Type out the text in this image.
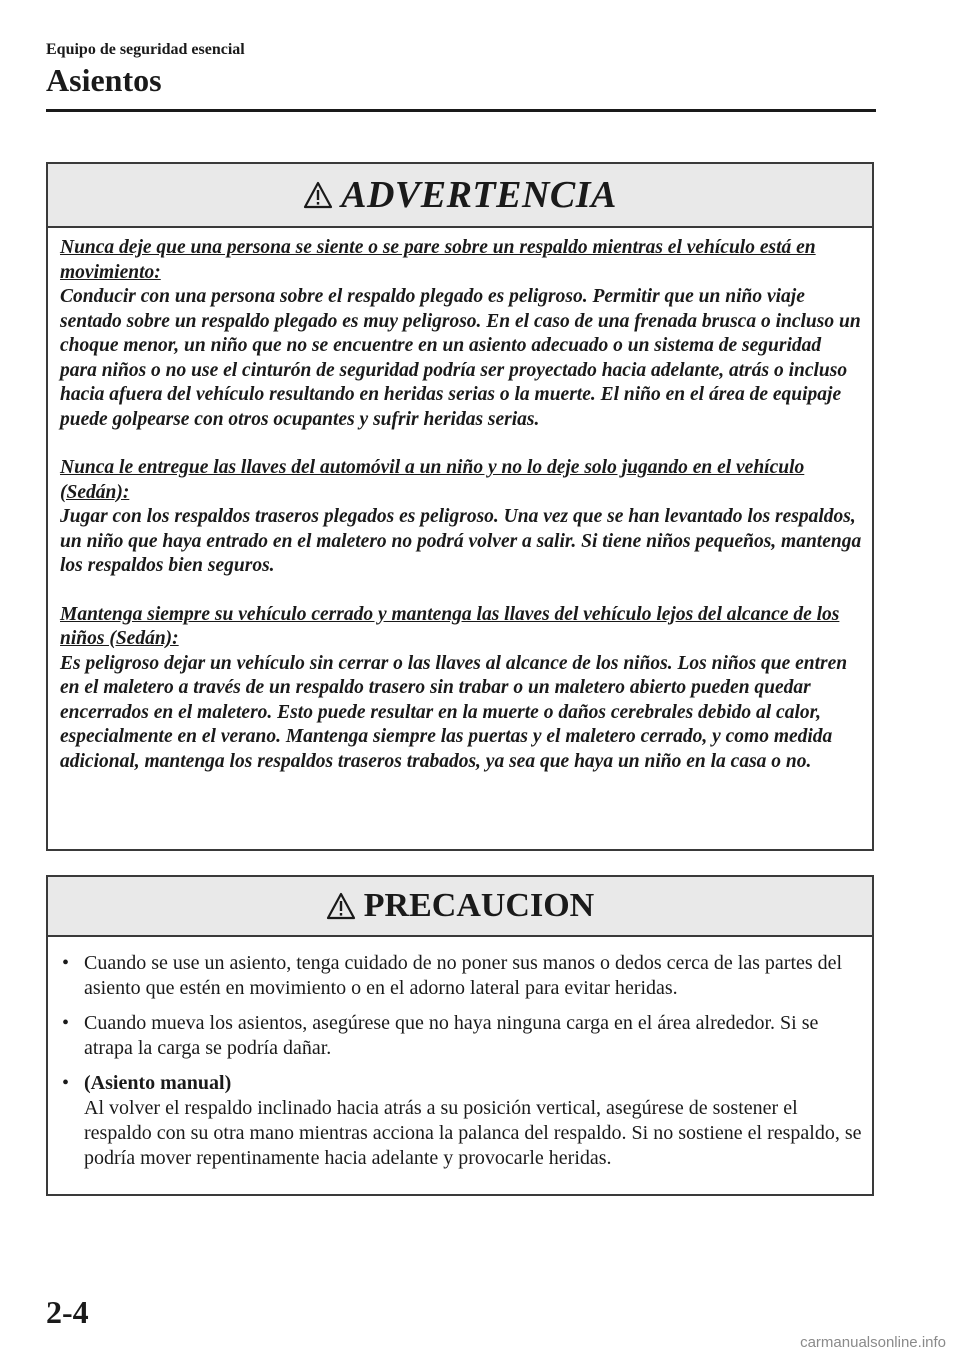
Equipo de seguridad esencial
Asientos
ADVERTENCIA

Nunca deje que una persona se siente o se pare sobre un respaldo mientras el vehículo está en movimiento:
Conducir con una persona sobre el respaldo plegado es peligroso. Permitir que un niño viaje sentado sobre un respaldo plegado es muy peligroso. En el caso de una frenada brusca o incluso un choque menor, un niño que no se encuentre en un asiento adecuado o un sistema de seguridad para niños o no use el cinturón de seguridad podría ser proyectado hacia adelante, atrás o incluso hacia afuera del vehículo resultando en heridas serias o la muerte. El niño en el área de equipaje puede golpearse con otros ocupantes y sufrir heridas serias.

Nunca le entregue las llaves del automóvil a un niño y no lo deje solo jugando en el vehículo (Sedán):
Jugar con los respaldos traseros plegados es peligroso. Una vez que se han levantado los respaldos, un niño que haya entrado en el maletero no podrá volver a salir. Si tiene niños pequeños, mantenga los respaldos bien seguros.

Mantenga siempre su vehículo cerrado y mantenga las llaves del vehículo lejos del alcance de los niños (Sedán):
Es peligroso dejar un vehículo sin cerrar o las llaves al alcance de los niños. Los niños que entren en el maletero a través de un respaldo trasero sin trabar o un maletero abierto pueden quedar encerrados en el maletero. Esto puede resultar en la muerte o daños cerebrales debido al calor, especialmente en el verano. Mantenga siempre las puertas y el maletero cerrado, y como medida adicional, mantenga los respaldos traseros trabados, ya sea que haya un niño en la casa o no.

PRECAUCION
• Cuando se use un asiento, tenga cuidado de no poner sus manos o dedos cerca de las partes del asiento que estén en movimiento o en el adorno lateral para evitar heridas.
• Cuando mueva los asientos, asegúrese que no haya ninguna carga en el área alrededor. Si se atrapa la carga se podría dañar.
• (Asiento manual)
Al volver el respaldo inclinado hacia atrás a su posición vertical, asegúrese de sostener el respaldo con su otra mano mientras acciona la palanca del respaldo. Si no sostiene el respaldo, se podría mover repentinamente hacia adelante y provocarle heridas.
2-4
carmanualsonline.info
